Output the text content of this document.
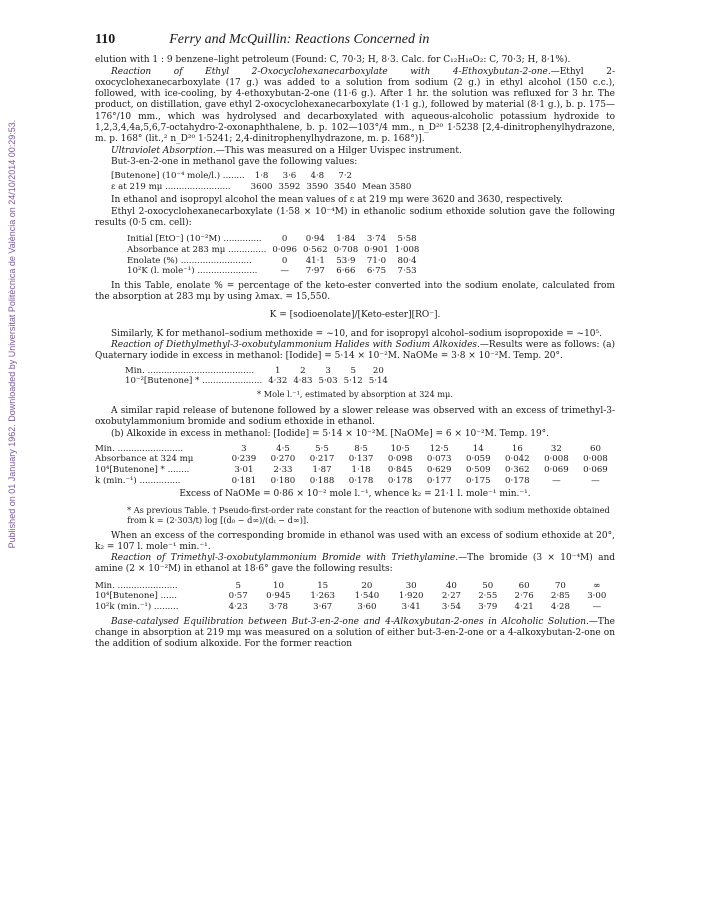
Published on 01 January 1962. Downloaded by Universitat Politècnica de València on 24/10/2014 00:29:53.
110	Ferry and McQuillin: Reactions Concerned in

elution with 1 : 9 benzene–light petroleum (Found: C, 70·3; H, 8·3. Calc. for C₁₂H₁₈O₂: C, 70·3; H, 8·1%).

Reaction of Ethyl 2-Oxocyclohexanecarboxylate with 4-Ethoxybutan-2-one.—Ethyl 2-oxocyclohexanecarboxylate (17 g.) was added to a solution from sodium (2 g.) in ethyl alcohol (150 c.c.), followed, with ice-cooling, by 4-ethoxybutan-2-one (11·6 g.). After 1 hr. the solution was refluxed for 3 hr. The product, on distillation, gave ethyl 2-oxocyclohexanecarboxylate (1·1 g.), followed by material (8·1 g.), b. p. 175—176°/10 mm., which was hydrolysed and decarboxylated with aqueous-alcoholic potassium hydroxide to 1,2,3,4,4a,5,6,7-octahydro-2-oxonaphthalene, b. p. 102—103°/4 mm., n_D²⁰ 1·5238 [2,4-dinitrophenylhydrazone, m. p. 168° (lit.,² n_D²⁰ 1·5241; 2,4-dinitrophenylhydrazone, m. p. 168°)].

Ultraviolet Absorption.—This was measured on a Hilger Uvispec instrument.

But-3-en-2-one in methanol gave the following values:

[Butenone] (10⁻⁴ mole/l.) ........	1·8	3·6	4·8	7·2	
ε at 219 mμ ........................	3600	3592	3590	3540	Mean 3580

In ethanol and isopropyl alcohol the mean values of ε at 219 mμ were 3620 and 3630, respectively.

Ethyl 2-oxocyclohexanecarboxylate (1·58 × 10⁻⁴M) in ethanolic sodium ethoxide solution gave the following results (0·5 cm. cell):

Initial [EtO⁻] (10⁻²M) ..............	0	0·94	1·84	3·74	5·58
Absorbance at 283 mμ ..............	0·096	0·562	0·708	0·901	1·008
Enolate (%) ..........................	0	41·1	53·9	71·0	80·4
10²K (l. mole⁻¹) ......................	—	7·97	6·66	6·75	7·53

In this Table, enolate % = percentage of the keto-ester converted into the sodium enolate, calculated from the absorption at 283 mμ by using λmax. = 15,550.

K = [sodioenolate]/[Keto-ester][RO⁻].

Similarly, K for methanol–sodium methoxide = ~10, and for isopropyl alcohol–sodium isopropoxide = ~10⁵.

Reaction of Diethylmethyl-3-oxobutylammonium Halides with Sodium Alkoxides.—Results were as follows: (a) Quaternary iodide in excess in methanol: [Iodide] = 5·14 × 10⁻²M. NaOMe = 3·8 × 10⁻²M. Temp. 20°.

Min. .......................................	1	2	3	5	20
10⁻²[Butenone] * ......................	4·32	4·83	5·03	5·12	5·14
* Mole l.⁻¹, estimated by absorption at 324 mμ.

A similar rapid release of butenone followed by a slower release was observed with an excess of trimethyl-3-oxobutylammonium bromide and sodium ethoxide in ethanol.

(b) Alkoxide in excess in methanol: [Iodide] = 5·14 × 10⁻²M. [NaOMe] = 6 × 10⁻²M. Temp. 19°.

Min. ........................	3	4·5	5·5	8·5	10·5	12·5	14	16	32	60
Absorbance at 324 mμ	0·239	0·270	0·217	0·137	0·098	0·073	0·059	0·042	0·008	0·008
10⁴[Butenone] * ........	3·01	2·33	1·87	1·18	0·845	0·629	0·509	0·362	0·069	0·069
k (min.⁻¹) ...............	0·181	0·180	0·188	0·178	0·178	0·177	0·175	0·178	—	—
Excess of NaOMe = 0·86 × 10⁻² mole l.⁻¹, whence k₂ = 21·1 l. mole⁻¹ min.⁻¹.
* As previous Table. † Pseudo-first-order rate constant for the reaction of butenone with sodium methoxide obtained from k = (2·303/t) log [(d₀ − d∞)/(dₜ − d∞)].

When an excess of the corresponding bromide in ethanol was used with an excess of sodium ethoxide at 20°, k₂ = 107 l. mole⁻¹ min.⁻¹.

Reaction of Trimethyl-3-oxobutylammonium Bromide with Triethylamine.—The bromide (3 × 10⁻⁴M) and amine (2 × 10⁻²M) in ethanol at 18·6° gave the following results:

Min. ......................	5	10	15	20	30	40	50	60	70	∞
10⁴[Butenone] ......	0·57	0·945	1·263	1·540	1·920	2·27	2·55	2·76	2·85	3·00
10²k (min.⁻¹) .........	4·23	3·78	3·67	3·60	3·41	3·54	3·79	4·21	4·28	—

Base-catalysed Equilibration between But-3-en-2-one and 4-Alkoxybutan-2-ones in Alcoholic Solution.—The change in absorption at 219 mμ was measured on a solution of either but-3-en-2-one or a 4-alkoxybutan-2-one on the addition of sodium alkoxide. For the former reaction
